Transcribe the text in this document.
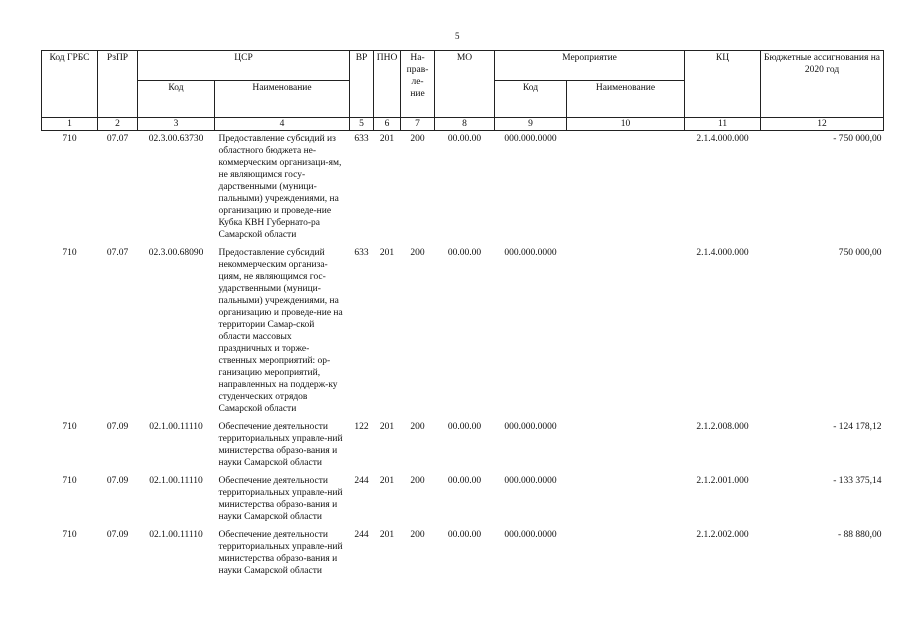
5
Код ГРБС	РзПР	ЦСР		ВР	ПНО	На-
прав-
ле-
ние	МО	Мероприятие		КЦ	Бюджетные ассигнования на 2020 год
		Код	Наименование					Код	Наименование		
1	2	3	4	5	6	7	8	9	10	11	12
710	07.07	02.3.00.63730	Предоставление субсидий из областного бюджета не-коммерческим организаци-ям, не являющимся госу-дарственными (муници-пальными) учреждениями, на организацию и проведе-ние Кубка КВН Губернато-ра Самарской области	633	201	200	00.00.00	000.000.0000		2.1.4.000.000	- 750 000,00
710	07.07	02.3.00.68090	Предоставление субсидий некоммерческим организа-циям, не являющимся гос-ударственными (муници-пальными) учреждениями, на организацию и проведе-ние на территории Самар-ской области массовых праздничных и торже-ственных мероприятий: ор-ганизацию мероприятий, направленных на поддерж-ку студенческих отрядов Самарской области	633	201	200	00.00.00	000.000.0000		2.1.4.000.000	750 000,00
710	07.09	02.1.00.11110	Обеспечение деятельности территориальных управле-ний министерства образо-вания и науки Самарской области	122	201	200	00.00.00	000.000.0000		2.1.2.008.000	- 124 178,12
710	07.09	02.1.00.11110	Обеспечение деятельности территориальных управле-ний министерства образо-вания и науки Самарской области	244	201	200	00.00.00	000.000.0000		2.1.2.001.000	- 133 375,14
710	07.09	02.1.00.11110	Обеспечение деятельности территориальных управле-ний министерства образо-вания и науки Самарской области	244	201	200	00.00.00	000.000.0000		2.1.2.002.000	- 88 880,00
